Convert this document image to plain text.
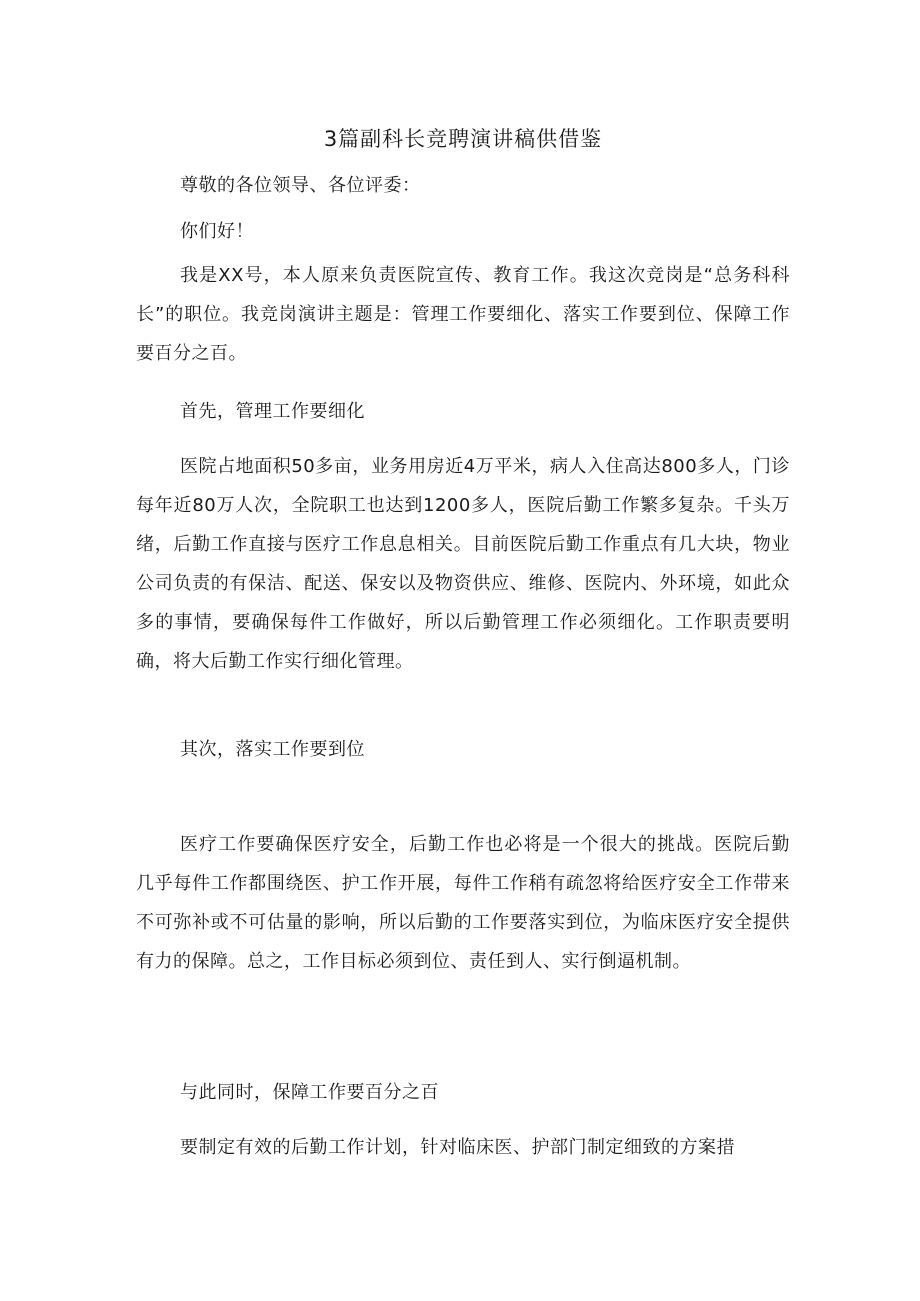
3篇副科长竞聘演讲稿供借鉴

尊敬的各位领导、各位评委：

你们好！

我是XX号，本人原来负责医院宣传、教育工作。我这次竞岗是“总务科科长”的职位。我竞岗演讲主题是：管理工作要细化、落实工作要到位、保障工作要百分之百。

首先，管理工作要细化

医院占地面积50多亩，业务用房近4万平米，病人入住高达800多人，门诊每年近80万人次，全院职工也达到1200多人，医院后勤工作繁多复杂。千头万绪，后勤工作直接与医疗工作息息相关。目前医院后勤工作重点有几大块，物业公司负责的有保洁、配送、保安以及物资供应、维修、医院内、外环境，如此众多的事情，要确保每件工作做好，所以后勤管理工作必须细化。工作职责要明确，将大后勤工作实行细化管理。

其次，落实工作要到位

医疗工作要确保医疗安全，后勤工作也必将是一个很大的挑战。医院后勤几乎每件工作都围绕医、护工作开展，每件工作稍有疏忽将给医疗安全工作带来不可弥补或不可估量的影响，所以后勤的工作要落实到位，为临床医疗安全提供有力的保障。总之，工作目标必须到位、责任到人、实行倒逼机制。

与此同时，保障工作要百分之百

要制定有效的后勤工作计划，针对临床医、护部门制定细致的方案措
